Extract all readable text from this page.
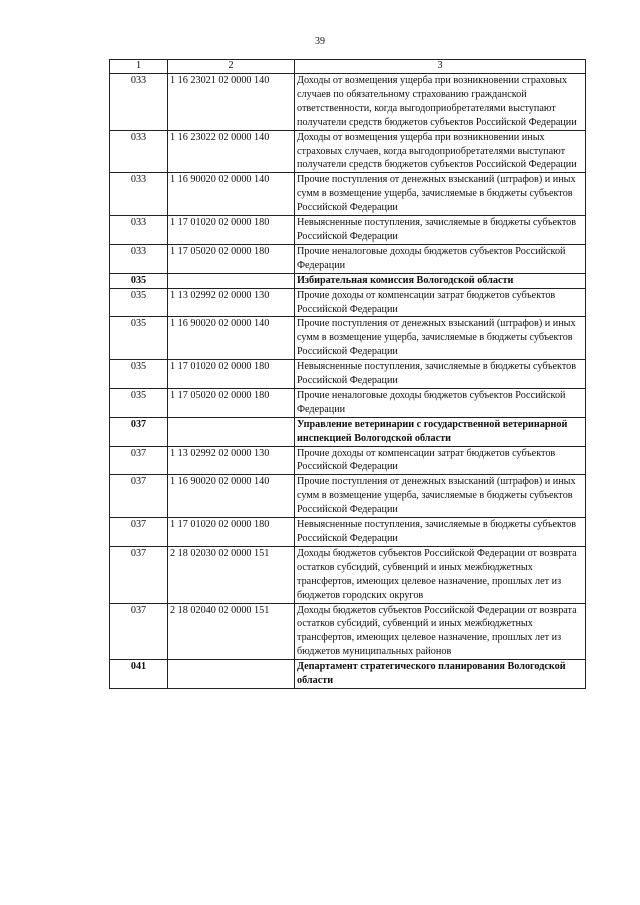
39
1	2	3
033	1 16 23021 02 0000 140	Доходы от возмещения ущерба при возникновении страховых случаев по обязательному страхованию гражданской ответственности, когда выгодоприобретателями выступают получатели средств бюджетов субъектов Российской Федерации
033	1 16 23022 02 0000 140	Доходы от возмещения ущерба при возникновении иных страховых случаев, когда выгодоприобретателями выступают получатели средств бюджетов субъектов Российской Федерации
033	1 16 90020 02 0000 140	Прочие поступления от денежных взысканий (штрафов) и иных сумм в возмещение ущерба, зачисляемые в бюджеты субъектов Российской Федерации
033	1 17 01020 02 0000 180	Невыясненные поступления, зачисляемые в бюджеты субъектов Российской Федерации
033	1 17 05020 02 0000 180	Прочие неналоговые доходы бюджетов субъектов Российской Федерации
035		Избирательная комиссия Вологодской области
035	1 13 02992 02 0000 130	Прочие доходы от компенсации затрат бюджетов субъектов Российской Федерации
035	1 16 90020 02 0000 140	Прочие поступления от денежных взысканий (штрафов) и иных сумм в возмещение ущерба, зачисляемые в бюджеты субъектов Российской Федерации
035	1 17 01020 02 0000 180	Невыясненные поступления, зачисляемые в бюджеты субъектов Российской Федерации
035	1 17 05020 02 0000 180	Прочие неналоговые доходы бюджетов субъектов Российской Федерации
037		Управление ветеринарии с государственной ветеринарной инспекцией Вологодской области
037	1 13 02992 02 0000 130	Прочие доходы от компенсации затрат бюджетов субъектов Российской Федерации
037	1 16 90020 02 0000 140	Прочие поступления от денежных взысканий (штрафов) и иных сумм в возмещение ущерба, зачисляемые в бюджеты субъектов Российской Федерации
037	1 17 01020 02 0000 180	Невыясненные поступления, зачисляемые в бюджеты субъектов Российской Федерации
037	2 18 02030 02 0000 151	Доходы бюджетов субъектов Российской Федерации от возврата остатков субсидий, субвенций и иных межбюджетных трансфертов, имеющих целевое назначение, прошлых лет из бюджетов городских округов
037	2 18 02040 02 0000 151	Доходы бюджетов субъектов Российской Федерации от возврата остатков субсидий, субвенций и иных межбюджетных трансфертов, имеющих целевое назначение, прошлых лет из бюджетов муниципальных районов
041		Департамент стратегического планирования Вологодской области
